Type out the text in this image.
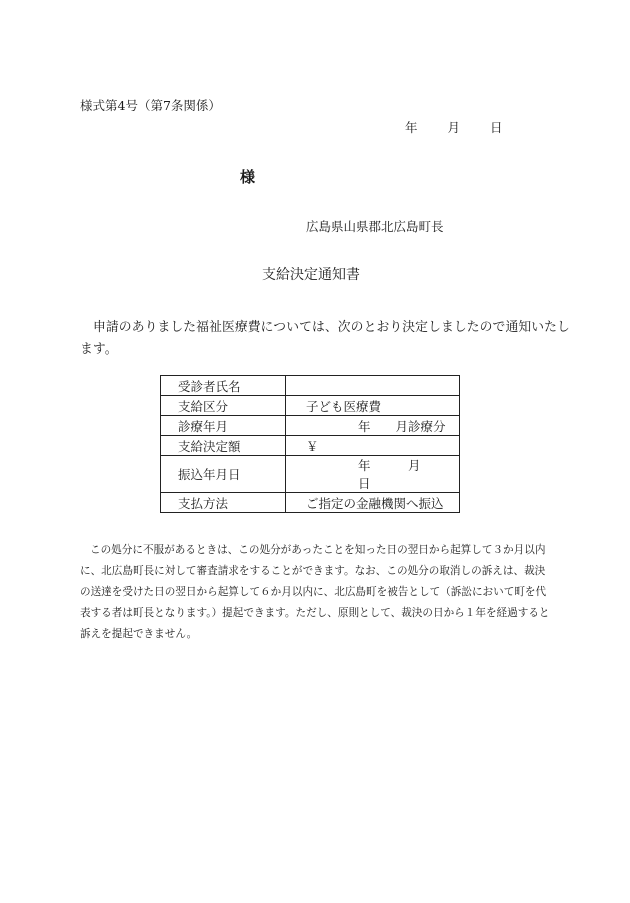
様式第4号（第7条関係）
年 月 日
様
広島県山県郡北広島町長
支給決定通知書
申請のありました福祉医療費については、次のとおり決定しましたので通知いたします。
受診者氏名	
支給区分	子ども医療費
診療年月	年　　月診療分
支給決定額	￥
振込年月日	年　　　月　　　日
支払方法	ご指定の金融機関へ振込
この処分に不服があるときは、この処分があったことを知った日の翌日から起算して３か月以内に、北広島町長に対して審査請求をすることができます。なお、この処分の取消しの訴えは、裁決の送達を受けた日の翌日から起算して６か月以内に、北広島町を被告として（訴訟において町を代表する者は町長となります。）提起できます。ただし、原則として、裁決の日から１年を経過すると訴えを提起できません。
